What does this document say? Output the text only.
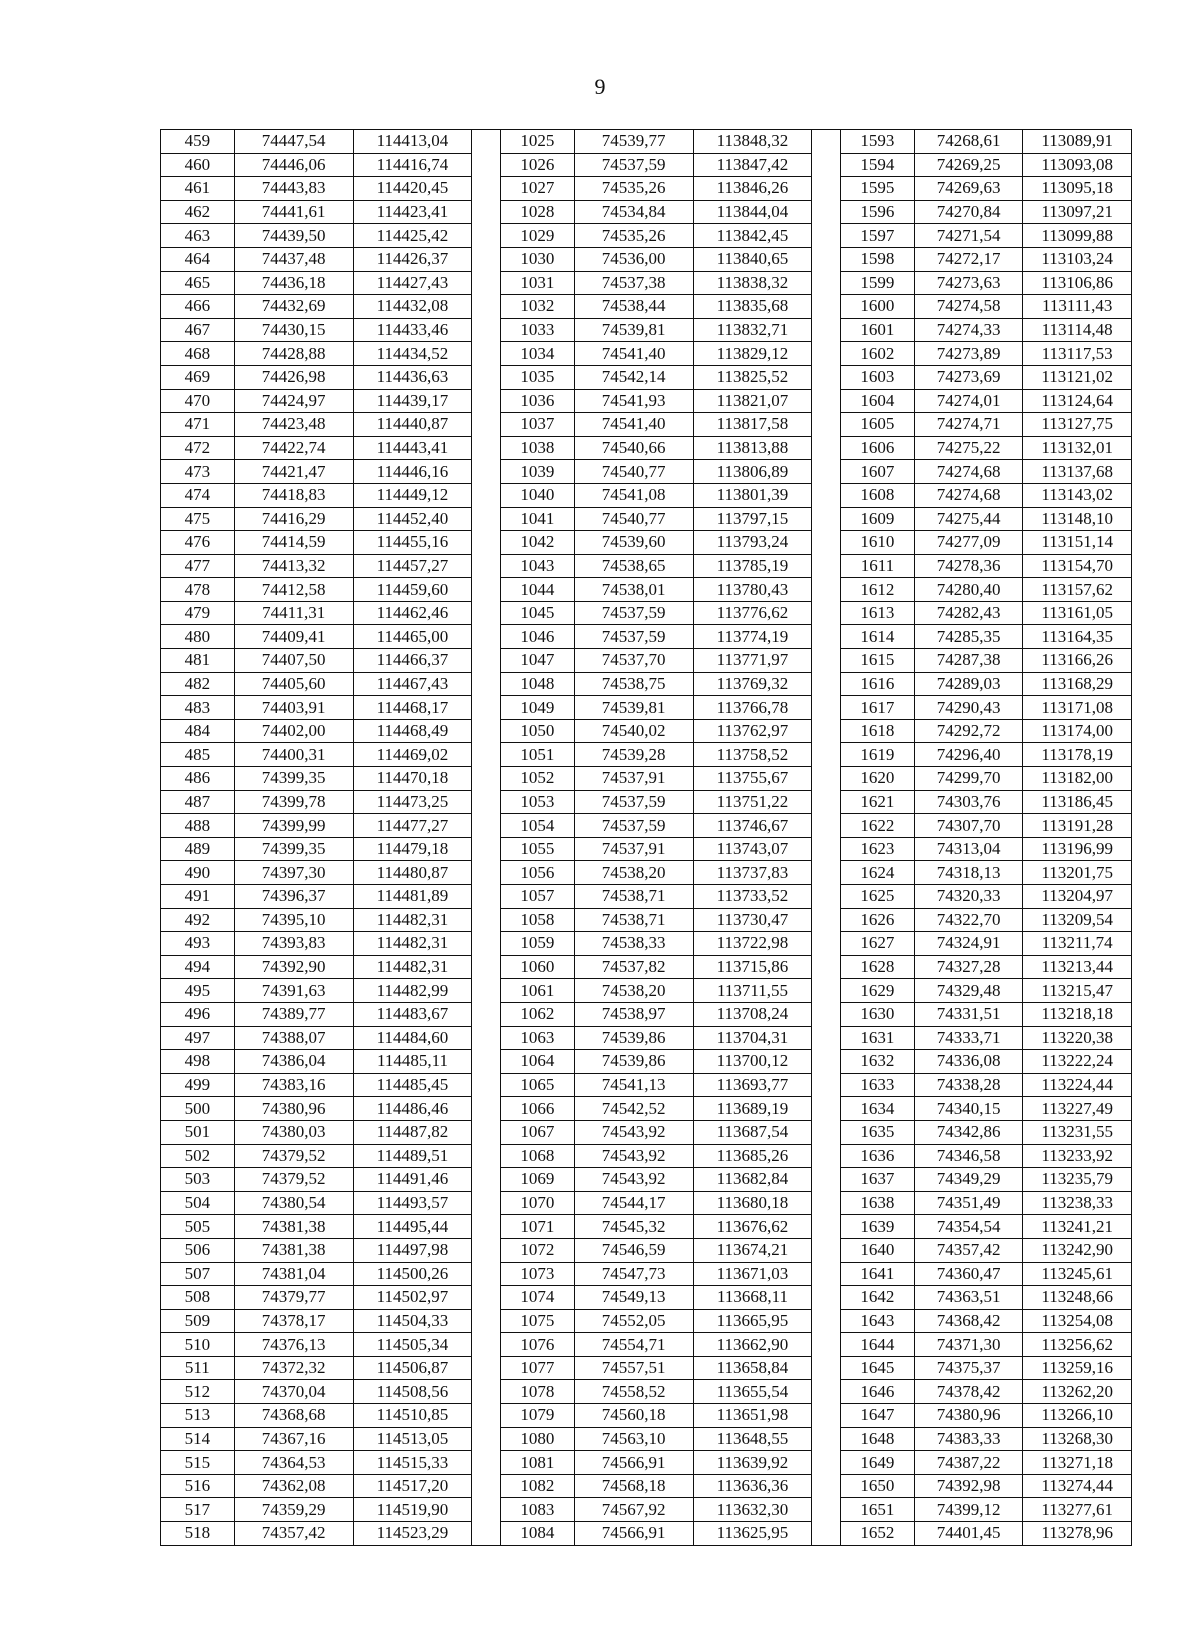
9
459	74447,54	114413,04		1025	74539,77	113848,32		1593	74268,61	113089,91
460	74446,06	114416,74		1026	74537,59	113847,42		1594	74269,25	113093,08
461	74443,83	114420,45		1027	74535,26	113846,26		1595	74269,63	113095,18
462	74441,61	114423,41		1028	74534,84	113844,04		1596	74270,84	113097,21
463	74439,50	114425,42		1029	74535,26	113842,45		1597	74271,54	113099,88
464	74437,48	114426,37		1030	74536,00	113840,65		1598	74272,17	113103,24
465	74436,18	114427,43		1031	74537,38	113838,32		1599	74273,63	113106,86
466	74432,69	114432,08		1032	74538,44	113835,68		1600	74274,58	113111,43
467	74430,15	114433,46		1033	74539,81	113832,71		1601	74274,33	113114,48
468	74428,88	114434,52		1034	74541,40	113829,12		1602	74273,89	113117,53
469	74426,98	114436,63		1035	74542,14	113825,52		1603	74273,69	113121,02
470	74424,97	114439,17		1036	74541,93	113821,07		1604	74274,01	113124,64
471	74423,48	114440,87		1037	74541,40	113817,58		1605	74274,71	113127,75
472	74422,74	114443,41		1038	74540,66	113813,88		1606	74275,22	113132,01
473	74421,47	114446,16		1039	74540,77	113806,89		1607	74274,68	113137,68
474	74418,83	114449,12		1040	74541,08	113801,39		1608	74274,68	113143,02
475	74416,29	114452,40		1041	74540,77	113797,15		1609	74275,44	113148,10
476	74414,59	114455,16		1042	74539,60	113793,24		1610	74277,09	113151,14
477	74413,32	114457,27		1043	74538,65	113785,19		1611	74278,36	113154,70
478	74412,58	114459,60		1044	74538,01	113780,43		1612	74280,40	113157,62
479	74411,31	114462,46		1045	74537,59	113776,62		1613	74282,43	113161,05
480	74409,41	114465,00		1046	74537,59	113774,19		1614	74285,35	113164,35
481	74407,50	114466,37		1047	74537,70	113771,97		1615	74287,38	113166,26
482	74405,60	114467,43		1048	74538,75	113769,32		1616	74289,03	113168,29
483	74403,91	114468,17		1049	74539,81	113766,78		1617	74290,43	113171,08
484	74402,00	114468,49		1050	74540,02	113762,97		1618	74292,72	113174,00
485	74400,31	114469,02		1051	74539,28	113758,52		1619	74296,40	113178,19
486	74399,35	114470,18		1052	74537,91	113755,67		1620	74299,70	113182,00
487	74399,78	114473,25		1053	74537,59	113751,22		1621	74303,76	113186,45
488	74399,99	114477,27		1054	74537,59	113746,67		1622	74307,70	113191,28
489	74399,35	114479,18		1055	74537,91	113743,07		1623	74313,04	113196,99
490	74397,30	114480,87		1056	74538,20	113737,83		1624	74318,13	113201,75
491	74396,37	114481,89		1057	74538,71	113733,52		1625	74320,33	113204,97
492	74395,10	114482,31		1058	74538,71	113730,47		1626	74322,70	113209,54
493	74393,83	114482,31		1059	74538,33	113722,98		1627	74324,91	113211,74
494	74392,90	114482,31		1060	74537,82	113715,86		1628	74327,28	113213,44
495	74391,63	114482,99		1061	74538,20	113711,55		1629	74329,48	113215,47
496	74389,77	114483,67		1062	74538,97	113708,24		1630	74331,51	113218,18
497	74388,07	114484,60		1063	74539,86	113704,31		1631	74333,71	113220,38
498	74386,04	114485,11		1064	74539,86	113700,12		1632	74336,08	113222,24
499	74383,16	114485,45		1065	74541,13	113693,77		1633	74338,28	113224,44
500	74380,96	114486,46		1066	74542,52	113689,19		1634	74340,15	113227,49
501	74380,03	114487,82		1067	74543,92	113687,54		1635	74342,86	113231,55
502	74379,52	114489,51		1068	74543,92	113685,26		1636	74346,58	113233,92
503	74379,52	114491,46		1069	74543,92	113682,84		1637	74349,29	113235,79
504	74380,54	114493,57		1070	74544,17	113680,18		1638	74351,49	113238,33
505	74381,38	114495,44		1071	74545,32	113676,62		1639	74354,54	113241,21
506	74381,38	114497,98		1072	74546,59	113674,21		1640	74357,42	113242,90
507	74381,04	114500,26		1073	74547,73	113671,03		1641	74360,47	113245,61
508	74379,77	114502,97		1074	74549,13	113668,11		1642	74363,51	113248,66
509	74378,17	114504,33		1075	74552,05	113665,95		1643	74368,42	113254,08
510	74376,13	114505,34		1076	74554,71	113662,90		1644	74371,30	113256,62
511	74372,32	114506,87		1077	74557,51	113658,84		1645	74375,37	113259,16
512	74370,04	114508,56		1078	74558,52	113655,54		1646	74378,42	113262,20
513	74368,68	114510,85		1079	74560,18	113651,98		1647	74380,96	113266,10
514	74367,16	114513,05		1080	74563,10	113648,55		1648	74383,33	113268,30
515	74364,53	114515,33		1081	74566,91	113639,92		1649	74387,22	113271,18
516	74362,08	114517,20		1082	74568,18	113636,36		1650	74392,98	113274,44
517	74359,29	114519,90		1083	74567,92	113632,30		1651	74399,12	113277,61
518	74357,42	114523,29		1084	74566,91	113625,95		1652	74401,45	113278,96
